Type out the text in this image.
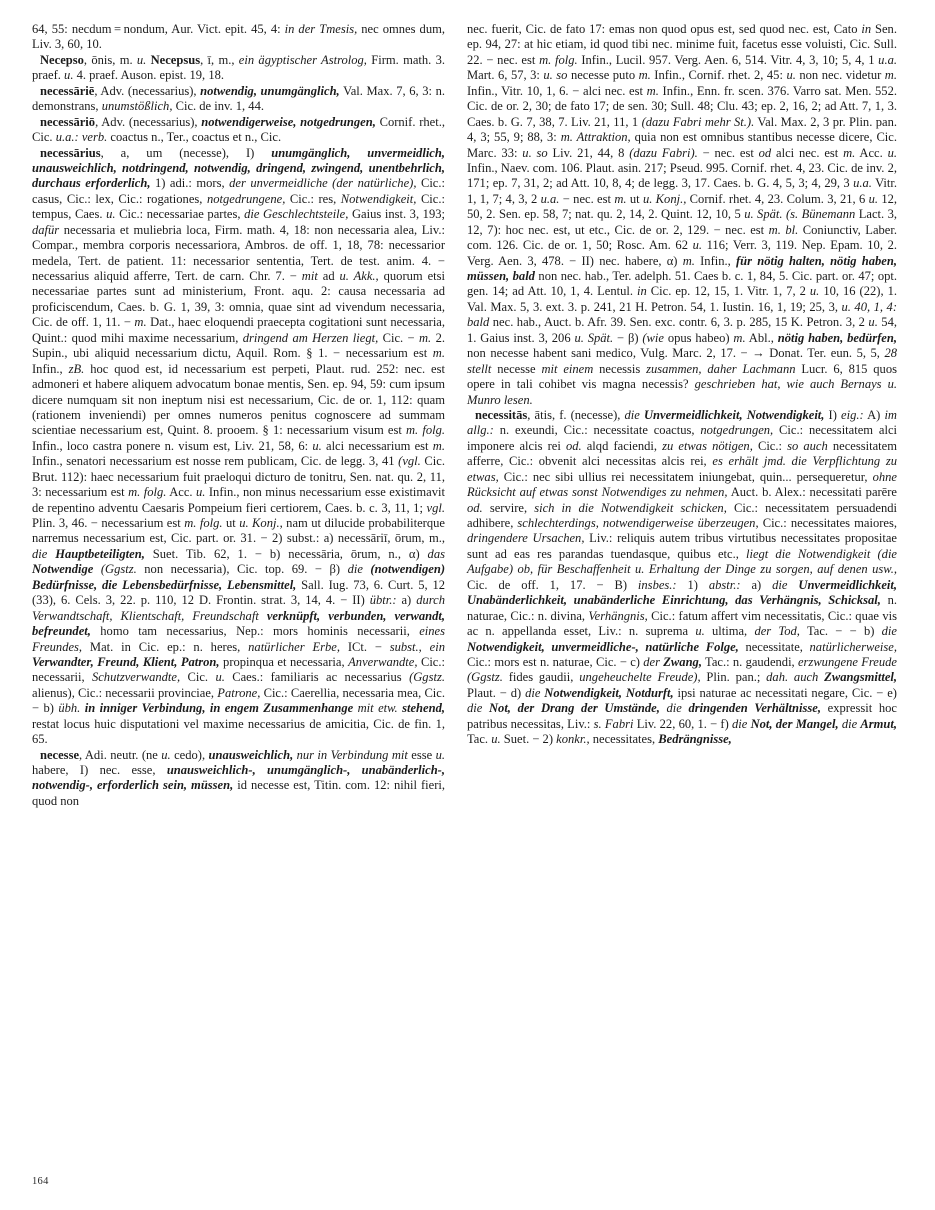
64, 55: necdum = nondum, Aur. Vict. epit. 45, 4: in der Tmesis, nec omnes dum, Liv. 3, 60, 10.

Necepso, ōnis, m. u. Necepsus, ī, m., ein ägyptischer Astrolog, Firm. math. 3. praef. u. 4. praef. Auson. epist. 19, 18.

necessāriē, Adv. (necessarius), notwendig, unumgänglich, Val. Max. 7, 6, 3: n. demonstrans, unumstößlich, Cic. de inv. 1, 44.

necessāriō, Adv. (necessarius), notwendigerweise, notgedrungen, Cornif. rhet., Cic. u.a.: verb. coactus n., Ter., coactus et n., Cic.

necessārius, a, um (necesse), I) unumgänglich, unvermeidlich, unausweichlich, notdringend, notwendig, dringend, zwingend, unentbehrlich, durchaus erforderlich, 1) adi.: mors, der unvermeidliche (der natürliche), Cic.: casus, Cic.: lex, Cic.: rogationes, notgedrungene, Cic.: res, Notwendigkeit, Cic.: tempus, Caes. u. Cic.: necessariae partes, die Geschlechtsteile, Gaius inst. 3, 193; dafür necessaria et muliebria loca, Firm. math. 4, 18: non necessaria alea, Liv.: Compar., membra corporis necessariora, Ambros. de off. 1, 18, 78: necessarior medela, Tert. de patient. 11: necessarior sententia, Tert. de test. anim. 4. − necessarius aliquid afferre, Tert. de carn. Chr. 7. − mit ad u. Akk., quorum etsi necessariae partes sunt ad ministerium, Front. aqu. 2: causa necessaria ad proficiscendum, Caes. b. G. 1, 39, 3: omnia, quae sint ad vivendum necessaria, Cic. de off. 1, 11. − m. Dat., haec eloquendi praecepta cogitationi sunt necessaria, Quint.: quod mihi maxime necessarium, dringend am Herzen liegt, Cic. − m. 2. Supin., ubi aliquid necessarium dictu, Aquil. Rom. § 1. − necessarium est m. Infin., zB. hoc quod est, id necessarium est perpeti, Plaut. rud. 252: nec. est admoneri et habere aliquem advocatum bonae mentis, Sen. ep. 94, 59: cum ipsum dicere numquam sit non ineptum nisi est necessarium, Cic. de or. 1, 112: quam (rationem inveniendi) per omnes numeros penitus cognoscere ad summam scientiae necessarium est, Quint. 8. prooem. § 1: necessarium visum est m. folg. Infin., loco castra ponere n. visum est, Liv. 21, 58, 6: u. alci necessarium est m. Infin., senatori necessarium est nosse rem publicam, Cic. de legg. 3, 41 (vgl. Cic. Brut. 112): haec necessarium fuit praeloqui dicturo de tonitru, Sen. nat. qu. 2, 11, 3: necessarium est m. folg. Acc. u. Infin., non minus necessarium esse existimavit de repentino adventu Caesaris Pompeium fieri certiorem, Caes. b. c. 3, 11, 1; vgl. Plin. 3, 46. − necessarium est m. folg. ut u. Konj., nam ut dilucide probabiliterque narremus necessarium est, Cic. part. or. 31. − 2) subst.: a) necessāriī, ōrum, m., die Hauptbeteiligten, Suet. Tib. 62, 1. − b) necessāria, ōrum, n., α) das Notwendige (Ggstz. non necessaria), Cic. top. 69. − β) die (notwendigen) Bedürfnisse, die Lebensbedürfnisse, Lebensmittel, Sall. Iug. 73, 6. Curt. 5, 12 (33), 6. Cels. 3, 22. p. 110, 12 D. Frontin. strat. 3, 14, 4. − II) übtr.: a) durch Verwandtschaft, Klientschaft, Freundschaft verknüpft, verbunden, verwandt, befreundet, homo tam necessarius, Nep.: mors hominis necessarii, eines Freundes, Mat. in Cic. ep.: n. heres, natürlicher Erbe, ICt. − subst., ein Verwandter, Freund, Klient, Patron, propinqua et necessaria, Anverwandte, Cic.: necessarii, Schutzverwandte, Cic. u. Caes.: familiaris ac necessarius (Ggstz. alienus), Cic.: necessarii provinciae, Patrone, Cic.: Caerellia, necessaria mea, Cic. − b) übh. in inniger Verbindung, in engem Zusammenhange mit etw. stehend, restat locus huic disputationi vel maxime necessarius de amicitia, Cic. de fin. 1, 65.

necesse, Adi. neutr. (ne u. cedo), unausweichlich, nur in Verbindung mit esse u. habere, I) nec. esse, unausweichlich-, unumgänglich-, unabänderlich-, notwendig-, erforderlich sein, müssen, id necesse est, Titin. com. 12: nihil fieri, quod non

nec. fuerit, Cic. de fato 17: emas non quod opus est, sed quod nec. est, Cato in Sen. ep. 94, 27: at hic etiam, id quod tibi nec. minime fuit, facetus esse voluisti, Cic. Sull. 22. − nec. est m. folg. Infin., Lucil. 957. Verg. Aen. 6, 514. Vitr. 4, 3, 10; 5, 4, 1 u.a. Mart. 6, 57, 3: u. so necesse puto m. Infin., Cornif. rhet. 2, 45: u. non nec. videtur m. Infin., Vitr. 10, 1, 6. − alci nec. est m. Infin., Enn. fr. scen. 376. Varro sat. Men. 552. Cic. de or. 2, 30; de fato 17; de sen. 30; Sull. 48; Clu. 43; ep. 2, 16, 2; ad Att. 7, 1, 3. Caes. b. G. 7, 38, 7. Liv. 21, 11, 1 (dazu Fabri mehr St.). Val. Max. 2, 3 pr. Plin. pan. 4, 3; 55, 9; 88, 3: m. Attraktion, quia non est omnibus stantibus necesse dicere, Cic. Marc. 33: u. so Liv. 21, 44, 8 (dazu Fabri). − nec. est od alci nec. est m. Acc. u. Infin., Naev. com. 106. Plaut. asin. 217; Pseud. 995. Cornif. rhet. 4, 23. Cic. de inv. 2, 171; ep. 7, 31, 2; ad Att. 10, 8, 4; de legg. 3, 17. Caes. b. G. 4, 5, 3; 4, 29, 3 u.a. Vitr. 1, 1, 7; 4, 3, 2 u.a. − nec. est m. ut u. Konj., Cornif. rhet. 4, 23. Colum. 3, 21, 6 u. 12, 50, 2. Sen. ep. 58, 7; nat. qu. 2, 14, 2. Quint. 12, 10, 5 u. Spät. (s. Bünemann Lact. 3, 12, 7): hoc nec. est, ut etc., Cic. de or. 2, 129. − nec. est m. bl. Coniunctiv, Laber. com. 126. Cic. de or. 1, 50; Rosc. Am. 62 u. 116; Verr. 3, 119. Nep. Epam. 10, 2. Verg. Aen. 3, 478. − II) nec. habere, α) m. Infin., für nötig halten, nötig haben, müssen, bald non nec. hab., Ter. adelph. 51. Caes b. c. 1, 84, 5. Cic. part. or. 47; opt. gen. 14; ad Att. 10, 1, 4. Lentul. in Cic. ep. 12, 15, 1. Vitr. 1, 7, 2 u. 10, 16 (22), 1. Val. Max. 5, 3. ext. 3. p. 241, 21 H. Petron. 54, 1. Iustin. 16, 1, 19; 25, 3, u. 40, 1, 4: bald nec. hab., Auct. b. Afr. 39. Sen. exc. contr. 6, 3. p. 285, 15 K. Petron. 3, 2 u. 54, 1. Gaius inst. 3, 206 u. Spät. − β) (wie opus habeo) m. Abl., nötig haben, bedürfen, non necesse habent sani medico, Vulg. Marc. 2, 17. − → Donat. Ter. eun. 5, 5, 28 stellt necesse mit einem necessis zusammen, daher Lachmann Lucr. 6, 815 quos opere in tali cohibet vis magna necessis? geschrieben hat, wie auch Bernays u. Munro lesen.

necessitās, ātis, f. (necesse), die Unvermeidlichkeit, Notwendigkeit, I) eig.: A) im allg.: n. exeundi, Cic.: necessitate coactus, notgedrungen, Cic.: necessitatem alci imponere alcis rei od. alqd faciendi, zu etwas nötigen, Cic.: so auch necessitatem afferre, Cic.: obvenit alci necessitas alcis rei, es erhält jmd. die Verpflichtung zu etwas, Cic.: nec sibi ullius rei necessitatem iniungebat, quin... persequeretur, ohne Rücksicht auf etwas sonst Notwendiges zu nehmen, Auct. b. Alex.: necessitati parēre od. servire, sich in die Notwendigkeit schicken, Cic.: necessitatem persuadendi adhibere, schlechterdings, notwendigerweise überzeugen, Cic.: necessitates maiores, dringendere Ursachen, Liv.: reliquis autem tribus virtutibus necessitates propositae sunt ad eas res parandas tuendasque, quibus etc., liegt die Notwendigkeit (die Aufgabe) ob, für Beschaffenheit u. Erhaltung der Dinge zu sorgen, auf denen usw., Cic. de off. 1, 17. − B) insbes.: 1) abstr.: a) die Unvermeidlichkeit, Unabänderlichkeit, unabänderliche Einrichtung, das Verhängnis, Schicksal, n. naturae, Cic.: n. divina, Verhängnis, Cic.: fatum affert vim necessitatis, Cic.: quae vis ac n. appellanda esset, Liv.: n. suprema u. ultima, der Tod, Tac. − − b) die Notwendigkeit, unvermeidliche-, natürliche Folge, necessitate, natürlicherweise, Cic.: mors est n. naturae, Cic. − c) der Zwang, Tac.: n. gaudendi, erzwungene Freude (Ggstz. fides gaudii, ungeheuchelte Freude), Plin. pan.; dah. auch Zwangsmittel, Plaut. − d) die Notwendigkeit, Notdurft, ipsi naturae ac necessitati negare, Cic. − e) die Not, der Drang der Umstände, die dringenden Verhältnisse, expressit hoc patribus necessitas, Liv.: s. Fabri Liv. 22, 60, 1. − f) die Not, der Mangel, die Armut, Tac. u. Suet. − 2) konkr., necessitates, Bedrängnisse,

164
